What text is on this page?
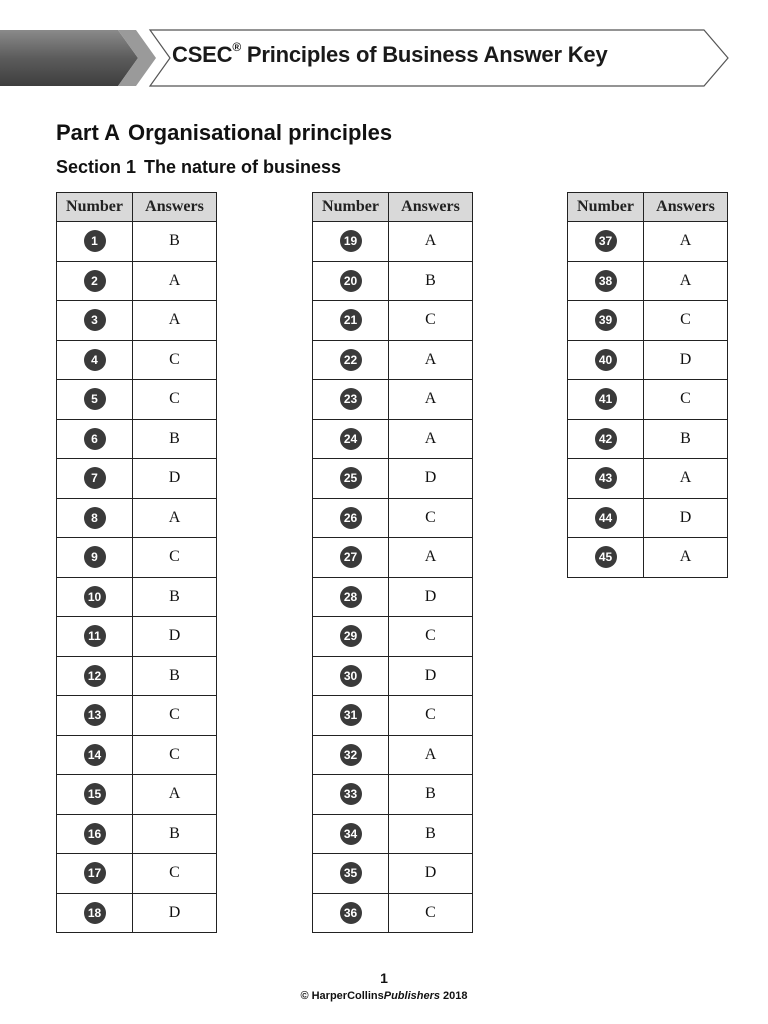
CSEC® Principles of Business Answer Key
Part A Organisational principles
Section 1 The nature of business
Number	Answers
1	B
2	A
3	A
4	C
5	C
6	B
7	D
8	A
9	C
10	B
11	D
12	B
13	C
14	C
15	A
16	B
17	C
18	D
Number	Answers
19	A
20	B
21	C
22	A
23	A
24	A
25	D
26	C
27	A
28	D
29	C
30	D
31	C
32	A
33	B
34	B
35	D
36	C
Number	Answers
37	A
38	A
39	C
40	D
41	C
42	B
43	A
44	D
45	A
1
© HarperCollinsPublishers 2018
